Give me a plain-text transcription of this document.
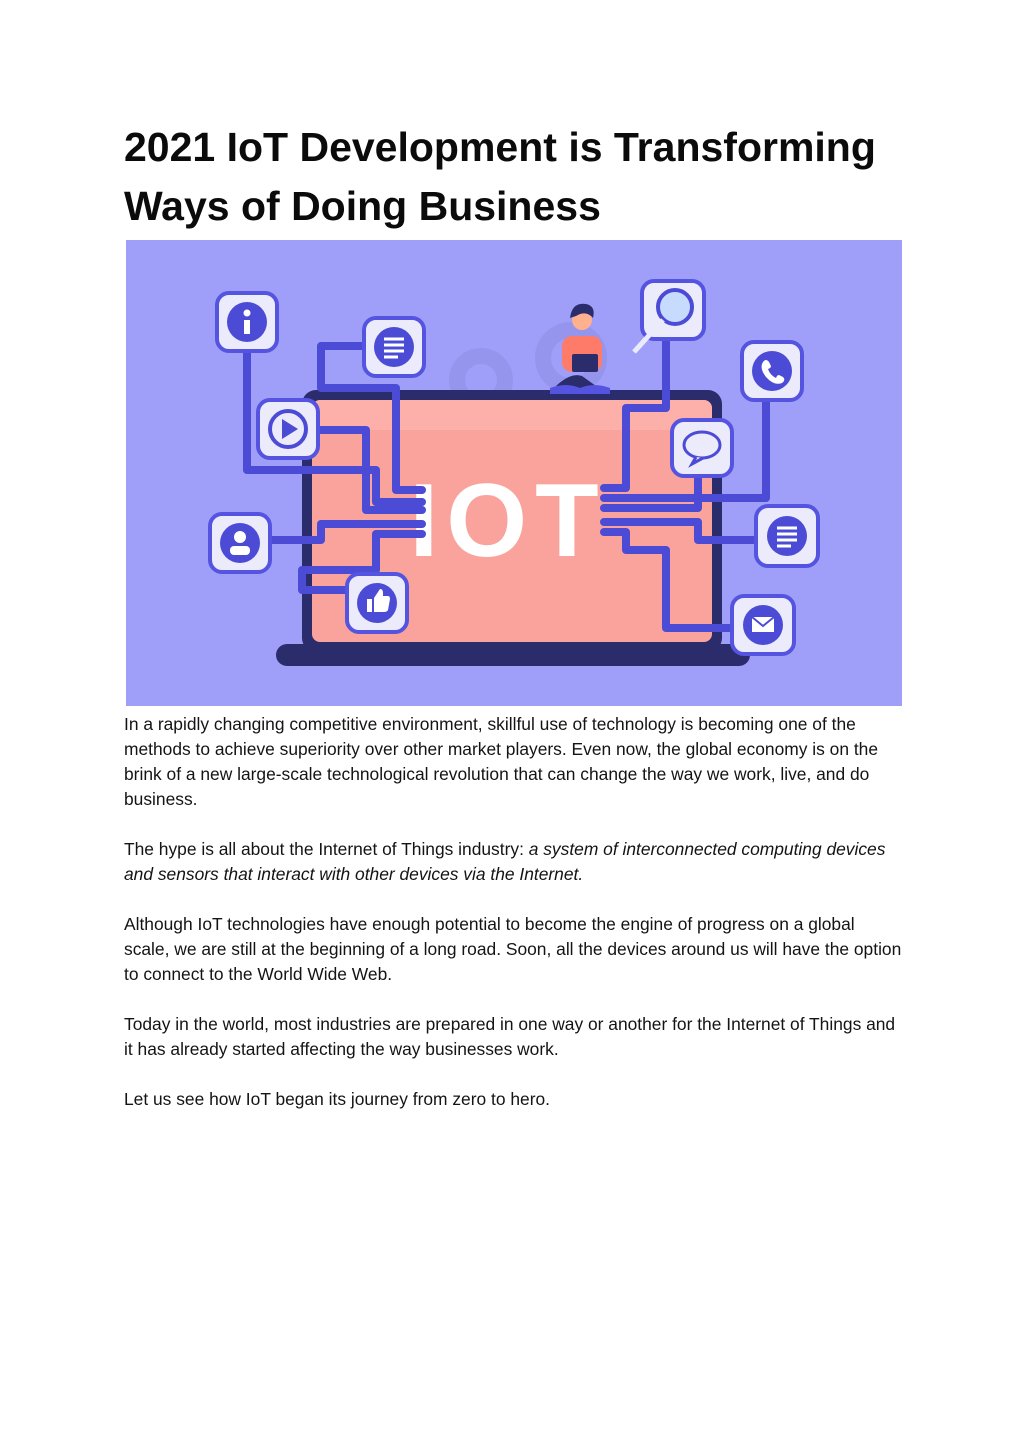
2021 IoT Development is Transforming Ways of Doing Business
IOT

In a rapidly changing competitive environment, skillful use of technology is becoming one of the methods to achieve superiority over other market players. Even now, the global economy is on the brink of a new large-scale technological revolution that can change the way we work, live, and do business.

The hype is all about the Internet of Things industry: a system of interconnected computing devices and sensors that interact with other devices via the Internet.

Although IoT technologies have enough potential to become the engine of progress on a global scale, we are still at the beginning of a long road. Soon, all the devices around us will have the option to connect to the World Wide Web.

Today in the world, most industries are prepared in one way or another for the Internet of Things and it has already started affecting the way businesses work.

Let us see how IoT began its journey from zero to hero.
